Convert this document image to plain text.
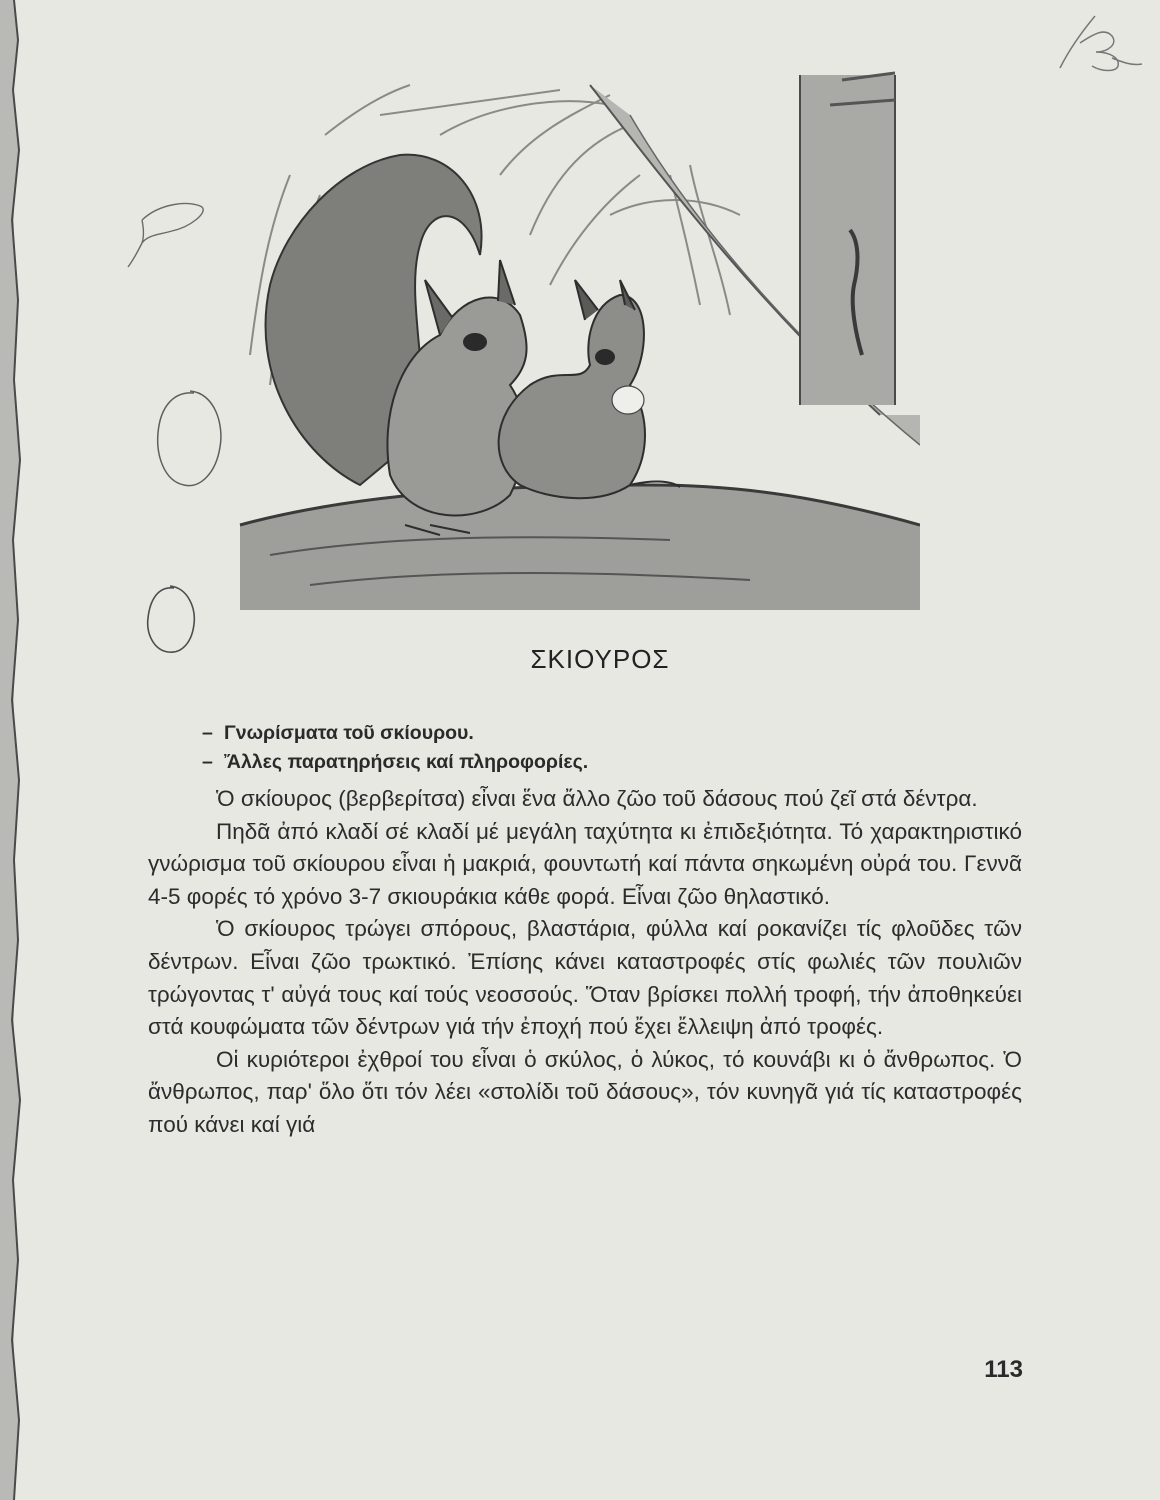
ΣΚΙΟΥΡΟΣ
– Γνωρίσματα τοῦ σκίουρου.
– Ἄλλες παρατηρήσεις καί πληροφορίες.

Ὁ σκίουρος (βερβερίτσα) εἶναι ἕνα ἄλλο ζῶο τοῦ δάσους πού ζεῖ στά δέντρα.

Πηδᾶ ἀπό κλαδί σέ κλαδί μέ μεγάλη ταχύτητα κι ἐπιδεξιότητα. Τό χαρακτηριστικό γνώρισμα τοῦ σκίουρου εἶναι ἡ μακριά, φουντωτή καί πάντα σηκωμένη οὐρά του. Γεννᾶ 4-5 φορές τό χρόνο 3-7 σκιουράκια κάθε φορά. Εἶναι ζῶο θηλαστικό.

Ὁ σκίουρος τρώγει σπόρους, βλαστάρια, φύλλα καί ροκανίζει τίς φλοῦδες τῶν δέντρων. Εἶναι ζῶο τρωκτικό. Ἐπίσης κάνει καταστροφές στίς φωλιές τῶν πουλιῶν τρώγοντας τ' αὐγά τους καί τούς νεοσσούς. Ὅταν βρίσκει πολλή τροφή, τήν ἀποθηκεύει στά κουφώματα τῶν δέντρων γιά τήν ἐποχή πού ἔχει ἔλλειψη ἀπό τροφές.

Οἱ κυριότεροι ἐχθροί του εἶναι ὁ σκύλος, ὁ λύκος, τό κουνάβι κι ὁ ἄνθρωπος. Ὁ ἄνθρωπος, παρ' ὅλο ὅτι τόν λέει «στολίδι τοῦ δάσους», τόν κυνηγᾶ γιά τίς καταστροφές πού κάνει καί γιά

113
